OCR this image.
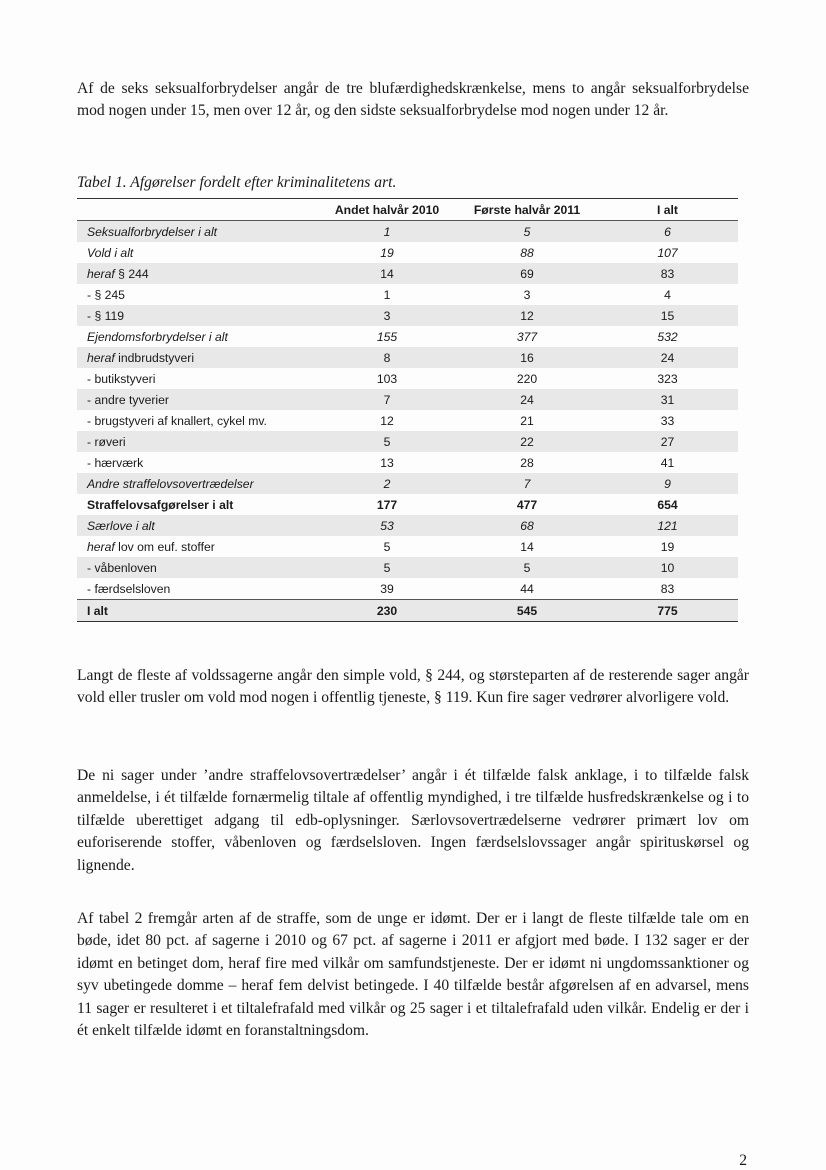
Af de seks seksualforbrydelser angår de tre blufærdighedskrænkelse, mens to angår seksualforbrydelse mod nogen under 15, men over 12 år, og den sidste seksualforbrydelse mod nogen under 12 år.

Tabel 1. Afgørelser fordelt efter kriminalitetens art.

	Andet halvår 2010	Første halvår 2011	I alt
Seksualforbrydelser i alt	1	5	6
Vold i alt	19	88	107
heraf § 244	14	69	83
- § 245	1	3	4
- § 119	3	12	15
Ejendomsforbrydelser i alt	155	377	532
heraf indbrudstyveri	8	16	24
- butikstyveri	103	220	323
- andre tyverier	7	24	31
- brugstyveri af knallert, cykel mv.	12	21	33
- røveri	5	22	27
- hærværk	13	28	41
Andre straffelovsovertrædelser	2	7	9
Straffelovsafgørelser i alt	177	477	654
Særlove i alt	53	68	121
heraf lov om euf. stoffer	5	14	19
- våbenloven	5	5	10
- færdselsloven	39	44	83
I alt	230	545	775

Langt de fleste af voldssagerne angår den simple vold, § 244, og størsteparten af de resterende sager angår vold eller trusler om vold mod nogen i offentlig tjeneste, § 119. Kun fire sager vedrører alvorligere vold.

De ni sager under ’andre straffelovsovertrædelser’ angår i ét tilfælde falsk anklage, i to tilfælde falsk anmeldelse, i ét tilfælde fornærmelig tiltale af offentlig myndighed, i tre tilfælde husfredskrænkelse og i to tilfælde uberettiget adgang til edb-oplysninger. Særlovsovertrædelserne vedrører primært lov om euforiserende stoffer, våbenloven og færdselsloven. Ingen færdselslovssager angår spirituskørsel og lignende.

Af tabel 2 fremgår arten af de straffe, som de unge er idømt. Der er i langt de fleste tilfælde tale om en bøde, idet 80 pct. af sagerne i 2010 og 67 pct. af sagerne i 2011 er afgjort med bøde. I 132 sager er der idømt en betinget dom, heraf fire med vilkår om samfundstjeneste. Der er idømt ni ungdomssanktioner og syv ubetingede domme – heraf fem delvist betingede. I 40 tilfælde består afgørelsen af en advarsel, mens 11 sager er resulteret i et tiltalefrafald med vilkår og 25 sager i et tiltalefrafald uden vilkår. Endelig er der i ét enkelt tilfælde idømt en foranstaltningsdom.

2
